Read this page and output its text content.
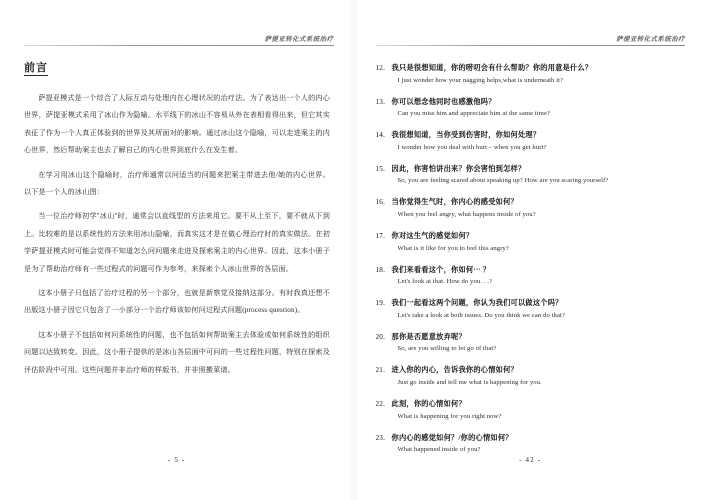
萨提亚转化式系统治疗
前言

萨提亚模式是一个综合了人际互动与处理内在心理状况的治疗法。为了表达出一个人的内心世界，萨提亚模式采用了冰山作为隐喻。水平线下的冰山不容易从外在表相看得出来，但它其实表征了作为一个人真正体验到的世界及其所面对的影响。通过冰山这个隐喻，可以走进案主的内心世界，然后帮助案主也去了解自己的内心世界到底什么在发生着。

在学习用冰山这个隐喻时，治疗师通常以问适当的问题来把案主带进去他/她的内心世界。以下是一个人的冰山图：

当一位治疗师初学"冰山"时，通常会以直线型的方法来用它。要不从上至下，要不就从下到上。比较难的是以系统性的方法来用冰山隐喻，而真实这才是在做心理治疗时的真实做法。在初学萨提亚模式时可能会觉得不知道怎么问问题来走进及探索案主的内心世界。因此，这本小册子是为了帮助治疗师有一些过程式的问题可作为参考，来探索个人冰山世界的各层面。

这本小册子只包括了治疗过程的另一个部分，也就是新察觉及接纳这部分。有时我真还想不出版这小册子因它只包含了一小部分一个治疗师该如何问过程式问题(process question)。

这本小册子不包括如何问系统性的问题，也不包括如何帮助案主去体验或如何系统性的组织问题以达致转变。因此，这小册子提供的是冰山各层面中可问的一些过程性问题，特别在探索及评估阶段中可用。这些问题并非治疗师的样版书，并非照搬菜谱。

- 5 -
萨提亚转化式系统治疗
12. 我只是很想知道，你的唠叨会有什么帮助？你的用意是什么？
I just wonder how your nagging helps,what is underneath it?
13. 你可以想念他同时也感激他吗？
Can you miss him and appreciate him at the same time?
14. 我很想知道，当你受到伤害时，你如何处理？
I wonder how you deal with hurt – when you get hurt?
15. 因此，你害怕讲出来？你会害怕到怎样？
So, you are feeling scared about speaking up? How are you scaring yourself?
16. 当你觉得生气时，你内心的感受如何？
When you feel angry, what happens inside of you?
17. 你对这生气的感觉如何？
What is it like for you to feel this angry?
18. 我们来看看这个，你如何⋯ ？
Let's look at that. How do you. . .?
19. 我们一起看这两个问题，你认为我们可以做这个吗？
Let's take a look at both issues. Do you think we can do that?
20. 那你是否愿意放弃呢？
So, are you willing to let go of that?
21. 进入你的内心，告诉我你的心情如何？
Just go inside and tell me what is happening for you.
22. 此刻，你的心情如何？
What is happening for you right now?
23. 你内心的感觉如何？/你的心情如何？
What happened inside of you?
- 42 -
